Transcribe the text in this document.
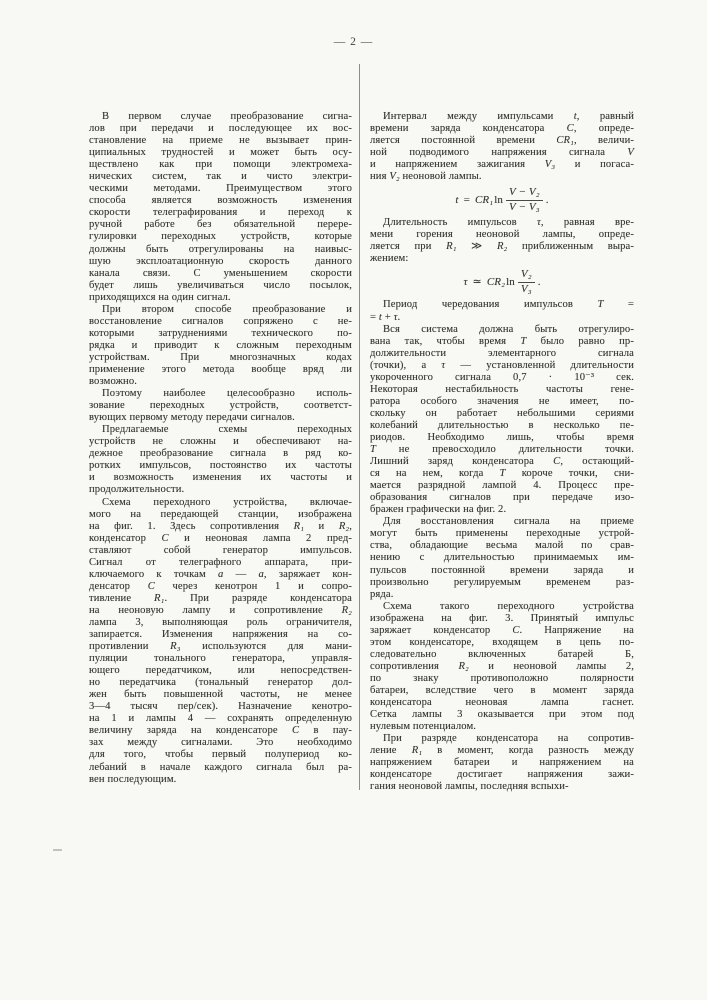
— 2 —
В первом случае преобразование сигна-
лов при передачи и последующее их вос-
становление на приеме не вызывает прин-
ципиальных трудностей и может быть осу-
ществлено как при помощи электромеха-
нических систем, так и чисто электри-
ческими методами. Преимуществом этого
способа является возможность изменения
скорости телеграфирования и переход к
ручной работе без обязательной перере-
гулировки переходных устройств, которые
должны быть отрегулированы на наивыс-
шую эксплоатационную скорость данного
канала связи. С уменьшением скорости
будет лишь увеличиваться число посылок,
приходящихся на один сигнал.
При втором способе преобразование и
восстановление сигналов сопряжено с не-
которыми затруднениями технического по-
рядка и приводит к сложным переходным
устройствам. При многозначных кодах
применение этого метода вообще вряд ли
возможно.
Поэтому наиболее целесообразно исполь-
зование переходных устройств, соответст-
вующих первому методу передачи сигналов.
Предлагаемые схемы переходных
устройств не сложны и обеспечивают на-
дежное преобразование сигнала в ряд ко-
ротких импульсов, постоянство их частоты
и возможность изменения их частоты и
продолжительности.
Схема переходного устройства, включае-
мого на передающей станции, изображена
на фиг. 1. Здесь сопротивления R₁ и R₂,
конденсатор C и неоновая лампа 2 пред-
ставляют собой генератор импульсов.
Сигнал от телеграфного аппарата, при-
ключаемого к точкам a — a, заряжает кон-
денсатор C через кенотрон 1 и сопро-
тивление R₁. При разряде конденсатора
на неоновую лампу и сопротивление R₂
лампа 3, выполняющая роль ограничителя,
запирается. Изменения напряжения на со-
противлении R₃ используются для мани-
пуляции тонального генератора, управля-
ющего передатчиком, или непосредствен-
но передатчика (тональный генератор дол-
жен быть повышенной частоты, не менее
3—4 тысяч пер/сек). Назначение кенотро-
на 1 и лампы 4 — сохранять определенную
величину заряда на конденсаторе C в пау-
зах между сигналами. Это необходимо
для того, чтобы первый полупериод ко-
лебаний в начале каждого сигнала был ра-
вен последующим.
Интервал между импульсами t, равный
времени заряда конденсатора C, опреде-
ляется постоянной времени CR₁, величи-
ной подводимого напряжения сигнала V
и напряжением зажигания V₃ и погаса-
ния V₂ неоновой лампы.
t = CR₁ $\ln \frac{\text{V − V₂}}{\text{V − V₃}}$ .
Длительность импульсов τ, равная вре-
мени горения неоновой лампы, опреде-
ляется при R₁ ≫ R₂ приближенным выра-
жением:
τ ≃ CR₂ $\ln \frac{\text{V₂}}{\text{V₃}}$ .
Период чередования импульсов T =
= t + τ.
Вся система должна быть отрегулиро-
вана так, чтобы время T было равно пр-
должительности элементарного сигнала
(точки), а τ — установленной длительности
укороченного сигнала 0,7 · 10⁻³ сек.
Некоторая нестабильность частоты гене-
ратора особого значения не имеет, по-
скольку он работает небольшими сериями
колебаний длительностью в несколько пе-
риодов. Необходимо лишь, чтобы время
T не превосходило длительности точки.
Лишний заряд конденсатора C, остающий-
ся на нем, когда T короче точки, сни-
мается разрядной лампой 4. Процесс пре-
образования сигналов при передаче изо-
бражен графически на фиг. 2.
Для восстановления сигнала на приеме
могут быть применены переходные устрой-
ства, обладающие весьма малой по срав-
нению с длительностью принимаемых им-
пульсов постоянной времени заряда и
произвольно регулируемым временем раз-
ряда.
Схема такого переходного устройства
изображена на фиг. 3. Принятый импульс
заряжает конденсатор C. Напряжение на
этом конденсаторе, входящем в цепь по-
следовательно включенных батарей Б,
сопротивления R₂ и неоновой лампы 2,
по знаку противоположно полярности
батареи, вследствие чего в момент заряда
конденсатора неоновая лампа гаснет.
Сетка лампы 3 оказывается при этом под
нулевым потенциалом.
При разряде конденсатора на сопротив-
ление R₁ в момент, когда разность между
напряжением батареи и напряжением на
конденсаторе достигает напряжения зажи-
гания неоновой лампы, последняя вспыхи-
